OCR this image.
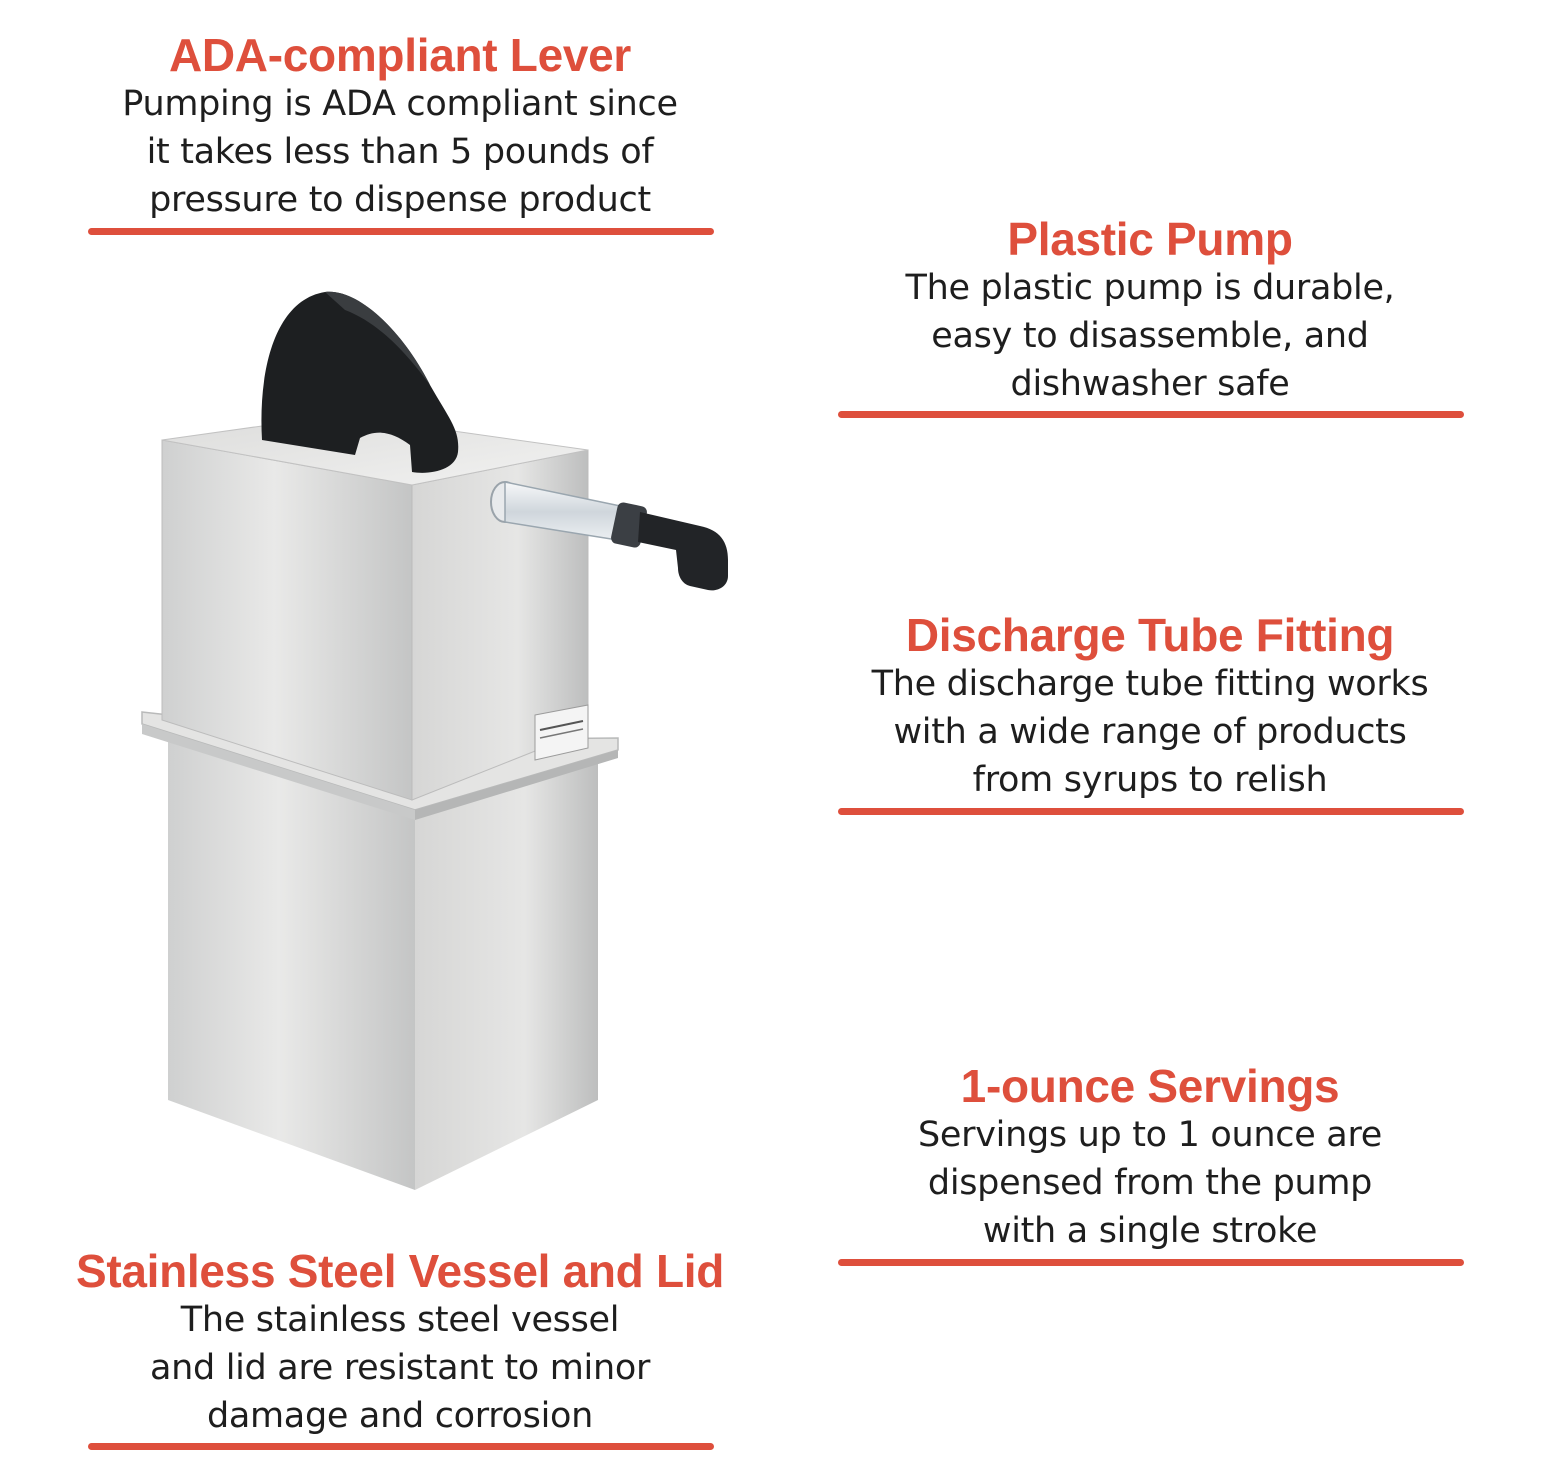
ADA-compliant Lever

Pumping is ADA compliant since

it takes less than 5 pounds of

pressure to dispense product

Plastic Pump

The plastic pump is durable,

easy to disassemble, and

dishwasher safe

Discharge Tube Fitting

The discharge tube fitting works

with a wide range of products

from syrups to relish

1-ounce Servings

Servings up to 1 ounce are

dispensed from the pump

with a single stroke

Stainless Steel Vessel and Lid

The stainless steel vessel

and lid are resistant to minor

damage and corrosion
